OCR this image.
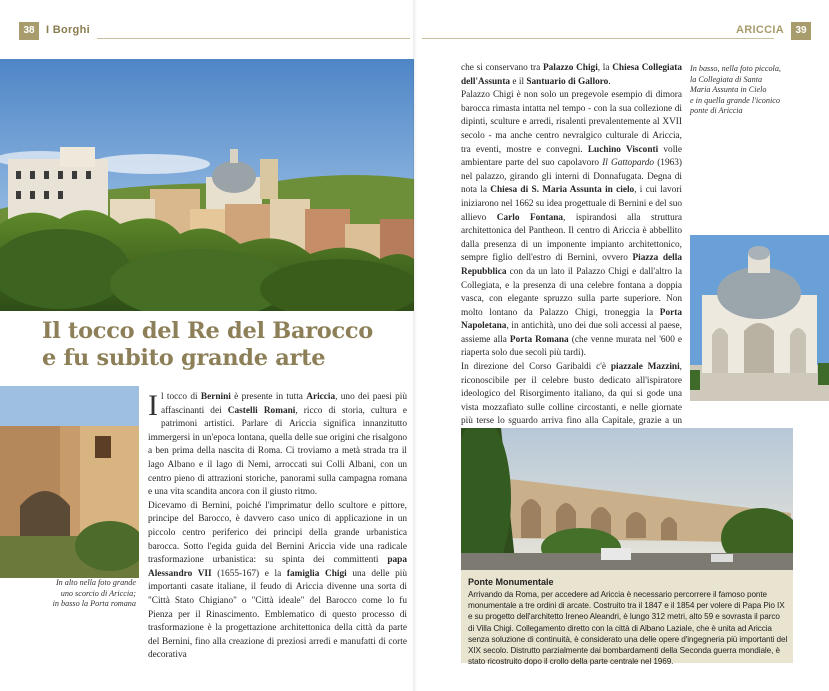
38	I Borghi	ARICCIA	39
Il tocco del Re del Barocco
e fu subito grande arte
In alto nella foto grande
uno scorcio di Ariccia;
in basso la Porta romana

Il tocco di Bernini è presente in tutta Ariccia, uno dei paesi più affascinanti dei Castelli Romani, ricco di storia, cultura e patrimoni artistici. Parlare di Ariccia significa innanzitutto immergersi in un'epoca lontana, quella delle sue origini che risalgono a ben prima della nascita di Roma. Ci troviamo a metà strada tra il lago Albano e il lago di Nemi, arroccati sui Colli Albani, con un centro pieno di attrazioni storiche, panorami sulla campagna romana e una vita scandita ancora con il giusto ritmo.

Dicevamo di Bernini, poiché l'imprimatur dello scultore e pittore, principe del Barocco, è davvero caso unico di applicazione in un piccolo centro periferico dei principi della grande urbanistica barocca. Sotto l'egida guida del Bernini Ariccia vide una radicale trasformazione urbanistica: su spinta dei committenti papa Alessandro VII (1655-167) e la famiglia Chigi una delle più importanti casate italiane, il feudo di Ariccia divenne una sorta di "Città Stato Chigiano" o "Città ideale" del Barocco come lo fu Pienza per il Rinascimento. Emblematico di questo processo di trasformazione è la progettazione architettonica della città da parte del Bernini, fino alla creazione di preziosi arredi e manufatti di corte decorativa

che si conservano tra Palazzo Chigi, la Chiesa Collegiata dell'Assunta e il Santuario di Galloro.

Palazzo Chigi è non solo un pregevole esempio di dimora barocca rimasta intatta nel tempo - con la sua collezione di dipinti, sculture e arredi, risalenti prevalentemente al XVII secolo - ma anche centro nevralgico culturale di Ariccia, tra eventi, mostre e convegni. Luchino Visconti volle ambientare parte del suo capolavoro Il Gattopardo (1963) nel palazzo, girando gli interni di Donnafugata. Degna di nota la Chiesa di S. Maria Assunta in cielo, i cui lavori iniziarono nel 1662 su idea progettuale di Bernini e del suo allievo Carlo Fontana, ispirandosi alla struttura architettonica del Pantheon. Il centro di Ariccia è abbellito dalla presenza di un imponente impianto architettonico, sempre figlio dell'estro di Bernini, ovvero Piazza della Repubblica con da un lato il Palazzo Chigi e dall'altro la Collegiata, e la presenza di una celebre fontana a doppia vasca, con elegante spruzzo sulla parte superiore. Non molto lontano da Palazzo Chigi, troneggia la Porta Napoletana, in antichità, uno dei due soli accessi al paese, assieme alla Porta Romana (che venne murata nel '600 e riaperta solo due secoli più tardi).

In direzione del Corso Garibaldi c'è piazzale Mazzini, riconoscibile per il celebre busto dedicato all'ispiratore ideologico del Risorgimento italiano, da qui si gode una vista mozzafiato sulle colline circostanti, e nelle giornate più terse lo sguardo arriva fino alla Capitale, grazie a un

In basso, nella foto piccola,
la Collegiata di Santa
Maria Assunta in Cielo
e in quella grande l'iconico
ponte di Ariccia
Ponte Monumentale
Arrivando da Roma, per accedere ad Ariccia è necessario percorrere il famoso ponte monumentale a tre ordini di arcate. Costruito tra il 1847 e il 1854 per volere di Papa Pio IX e su progetto dell'architetto Ireneo Aleandri, è lungo 312 metri, alto 59 e sovrasta il parco di Villa Chigi. Collegamento diretto con la città di Albano Laziale, che è unita ad Ariccia senza soluzione di continuità, è considerato una delle opere d'ingegneria più importanti del XIX secolo. Distrutto parzialmente dai bombardamenti della Seconda guerra mondiale, è stato ricostruito dopo il crollo della parte centrale nel 1969.
